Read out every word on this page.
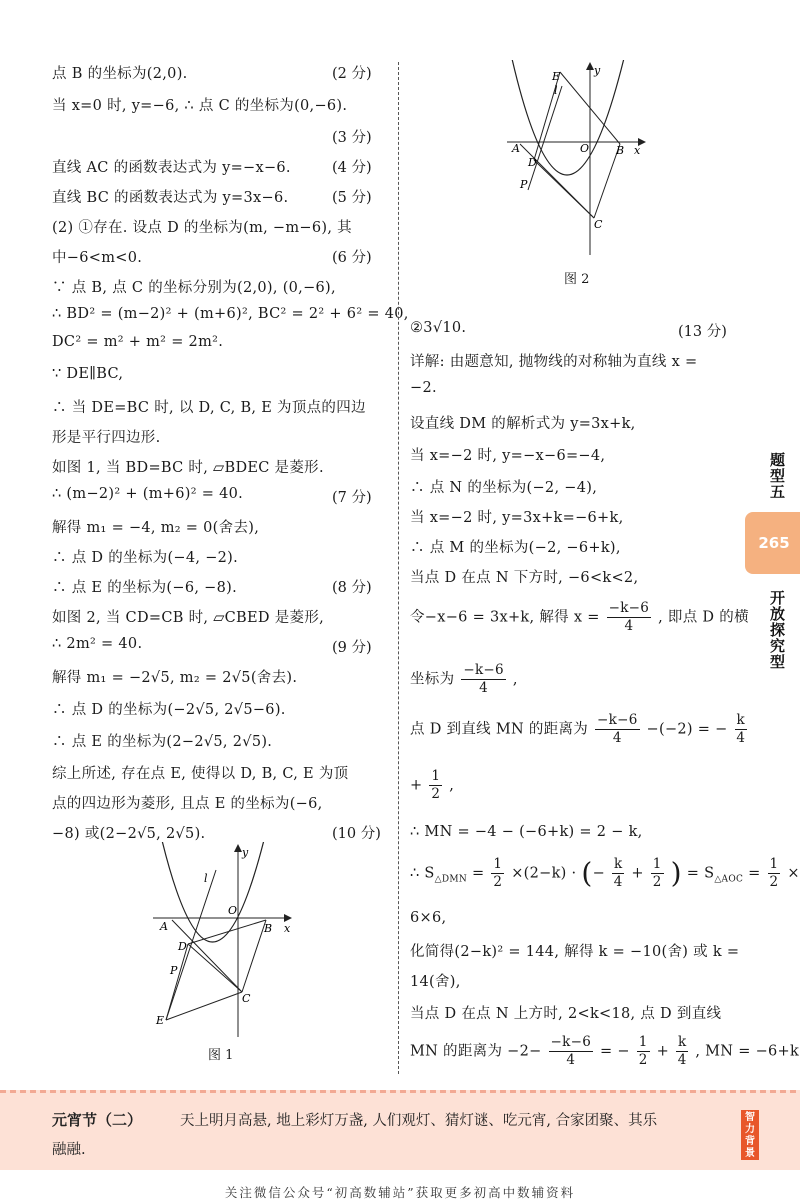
点 B 的坐标为(2,0).	(2 分)
当 x=0 时, y=−6, ∴ 点 C 的坐标为(0,−6).
(3 分)
直线 AC 的函数表达式为 y=−x−6.	(4 分)
直线 BC 的函数表达式为 y=3x−6.	(5 分)
(2) ①存在. 设点 D 的坐标为(m, −m−6), 其
中−6<m<0.	(6 分)
∵ 点 B, 点 C 的坐标分别为(2,0), (0,−6),
∴ BD² = (m−2)² + (m+6)², BC² = 2² + 6² = 40,
DC² = m² + m² = 2m².
∵ DE∥BC,
∴ 当 DE=BC 时, 以 D, C, B, E 为顶点的四边
形是平行四边形.
如图 1, 当 BD=BC 时, ▱BDEC 是菱形.
∴ (m−2)² + (m+6)² = 40.	(7 分)
解得 m₁ = −4, m₂ = 0(舍去),
∴ 点 D 的坐标为(−4, −2).
∴ 点 E 的坐标为(−6, −8).	(8 分)
如图 2, 当 CD=CB 时, ▱CBED 是菱形,
∴ 2m² = 40.	(9 分)
解得 m₁ = −2√5, m₂ = 2√5(舍去).
∴ 点 D 的坐标为(−2√5, 2√5−6).
∴ 点 E 的坐标为(2−2√5, 2√5).
综上所述, 存在点 E, 使得以 D, B, C, E 为顶
点的四边形为菱形, 且点 E 的坐标为(−6,
−8) 或(2−2√5, 2√5).	(10 分)
y
x
O
A	B
C
D
E
P
l
图 1
y
x
O
A	B
C
D
E
P
l
图 2
②3√10.	(13 分)
详解: 由题意知, 抛物线的对称轴为直线 x =
−2.
设直线 DM 的解析式为 y=3x+k,
当 x=−2 时, y=−x−6=−4,
∴ 点 N 的坐标为(−2, −4),
当 x=−2 时, y=3x+k=−6+k,
∴ 点 M 的坐标为(−2, −6+k),
当点 D 在点 N 下方时, −6<k<2,
令−x−6 = 3x+k, 解得 $x = \frac{-k-6}{4}$ , 即点 D 的横
坐标为 $\frac{-k-6}{4}$ ,
点 D 到直线 MN 的距离为 $\frac{-k-6}{4} -(-2)$ = − $\frac{k}{4}$
+ $\frac{1}{2}$ ,
∴ MN = −4 − (−6+k) = 2 − k,
∴ $S_{\triangle DMN} = \frac{1}{2} \times(2-k)$ · (− $\frac{k}{4} + \frac{1}{2}$ ) = $S_{\triangle AOC} = \frac{1}{2}$ ×
6×6,
化简得(2−k)² = 144, 解得 k = −10(舍) 或 k =
14(舍),
当点 D 在点 N 上方时, 2<k<18, 点 D 到直线
MN 的距离为 $-2- \frac{-k-6}{4}$ = − $\frac{1}{2} + \frac{k}{4}$ , MN = −6+k
题型五
265
开放探究型
元宵节（二）	天上明月高悬, 地上彩灯万盏, 人们观灯、猜灯谜、吃元宵, 合家团聚、其乐
融融.
智力背景
关注微信公众号“初高数辅站”获取更多初高中数辅资料
